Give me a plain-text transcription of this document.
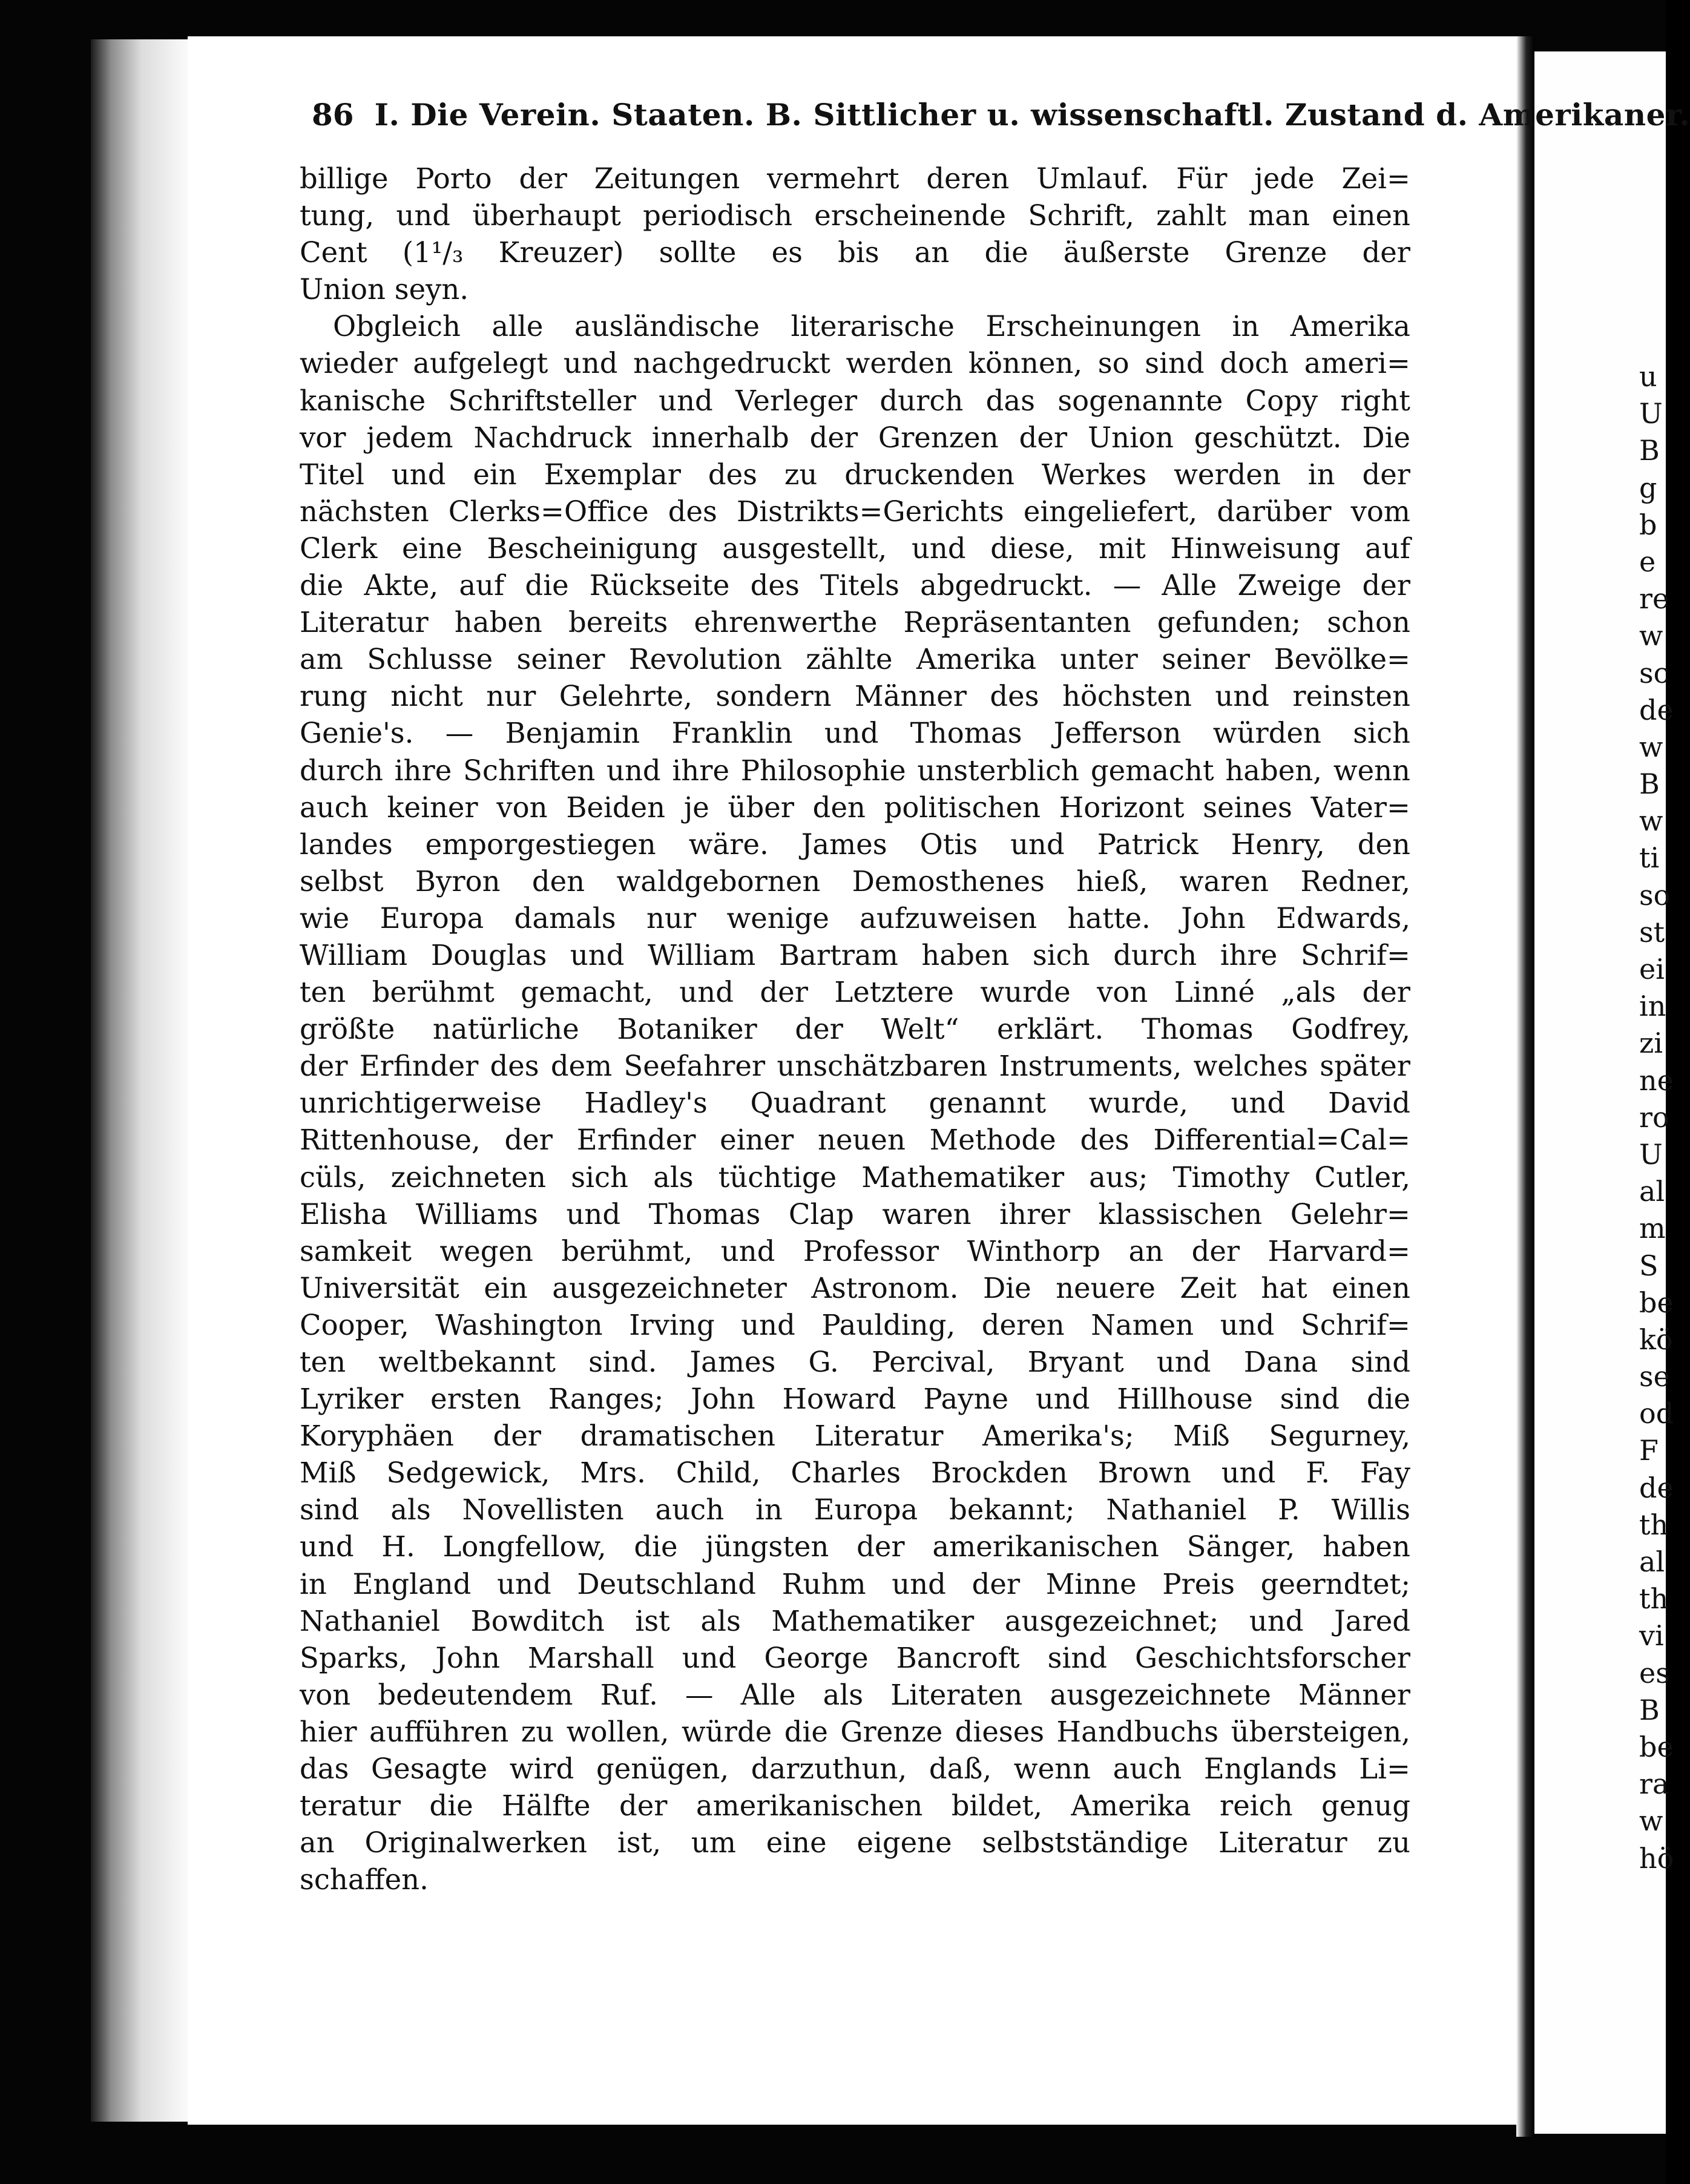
86 I. Die Verein. Staaten. B. Sittlicher u. wissenschaftl. Zustand d. Amerikaner.
billige Porto der Zeitungen vermehrt deren Umlauf. Für jede Zei=
tung, und überhaupt periodisch erscheinende Schrift, zahlt man einen
Cent (1¹/₃ Kreuzer) sollte es bis an die äußerste Grenze der
Union seyn.
Obgleich alle ausländische literarische Erscheinungen in Amerika
wieder aufgelegt und nachgedruckt werden können, so sind doch ameri=
kanische Schriftsteller und Verleger durch das sogenannte Copy right
vor jedem Nachdruck innerhalb der Grenzen der Union geschützt. Die
Titel und ein Exemplar des zu druckenden Werkes werden in der
nächsten Clerks=Office des Distrikts=Gerichts eingeliefert, darüber vom
Clerk eine Bescheinigung ausgestellt, und diese, mit Hinweisung auf
die Akte, auf die Rückseite des Titels abgedruckt. — Alle Zweige der
Literatur haben bereits ehrenwerthe Repräsentanten gefunden; schon
am Schlusse seiner Revolution zählte Amerika unter seiner Bevölke=
rung nicht nur Gelehrte, sondern Männer des höchsten und reinsten
Genie's. — Benjamin Franklin und Thomas Jefferson würden sich
durch ihre Schriften und ihre Philosophie unsterblich gemacht haben, wenn
auch keiner von Beiden je über den politischen Horizont seines Vater=
landes emporgestiegen wäre. James Otis und Patrick Henry, den
selbst Byron den waldgebornen Demosthenes hieß, waren Redner,
wie Europa damals nur wenige aufzuweisen hatte. John Edwards,
William Douglas und William Bartram haben sich durch ihre Schrif=
ten berühmt gemacht, und der Letztere wurde von Linné „als der
größte natürliche Botaniker der Welt“ erklärt. Thomas Godfrey,
der Erfinder des dem Seefahrer unschätzbaren Instruments, welches später
unrichtigerweise Hadley's Quadrant genannt wurde, und David
Rittenhouse, der Erfinder einer neuen Methode des Differential=Cal=
cüls, zeichneten sich als tüchtige Mathematiker aus; Timothy Cutler,
Elisha Williams und Thomas Clap waren ihrer klassischen Gelehr=
samkeit wegen berühmt, und Professor Winthorp an der Harvard=
Universität ein ausgezeichneter Astronom. Die neuere Zeit hat einen
Cooper, Washington Irving und Paulding, deren Namen und Schrif=
ten weltbekannt sind. James G. Percival, Bryant und Dana sind
Lyriker ersten Ranges; John Howard Payne und Hillhouse sind die
Koryphäen der dramatischen Literatur Amerika's; Miß Segurney,
Miß Sedgewick, Mrs. Child, Charles Brockden Brown und F. Fay
sind als Novellisten auch in Europa bekannt; Nathaniel P. Willis
und H. Longfellow, die jüngsten der amerikanischen Sänger, haben
in England und Deutschland Ruhm und der Minne Preis geerndtet;
Nathaniel Bowditch ist als Mathematiker ausgezeichnet; und Jared
Sparks, John Marshall und George Bancroft sind Geschichtsforscher
von bedeutendem Ruf. — Alle als Literaten ausgezeichnete Männer
hier aufführen zu wollen, würde die Grenze dieses Handbuchs übersteigen,
das Gesagte wird genügen, darzuthun, daß, wenn auch Englands Li=
teratur die Hälfte der amerikanischen bildet, Amerika reich genug
an Originalwerken ist, um eine eigene selbstständige Literatur zu
schaffen.
u
U
B
g
b
e
re
w
sc
de
w
B
w
ti
so
st
ei
in
zi
ne
ro
U
al
m
S
be
kö
se
od
F
de
th
al
th
vi
es
B
be
ra
w
hö
